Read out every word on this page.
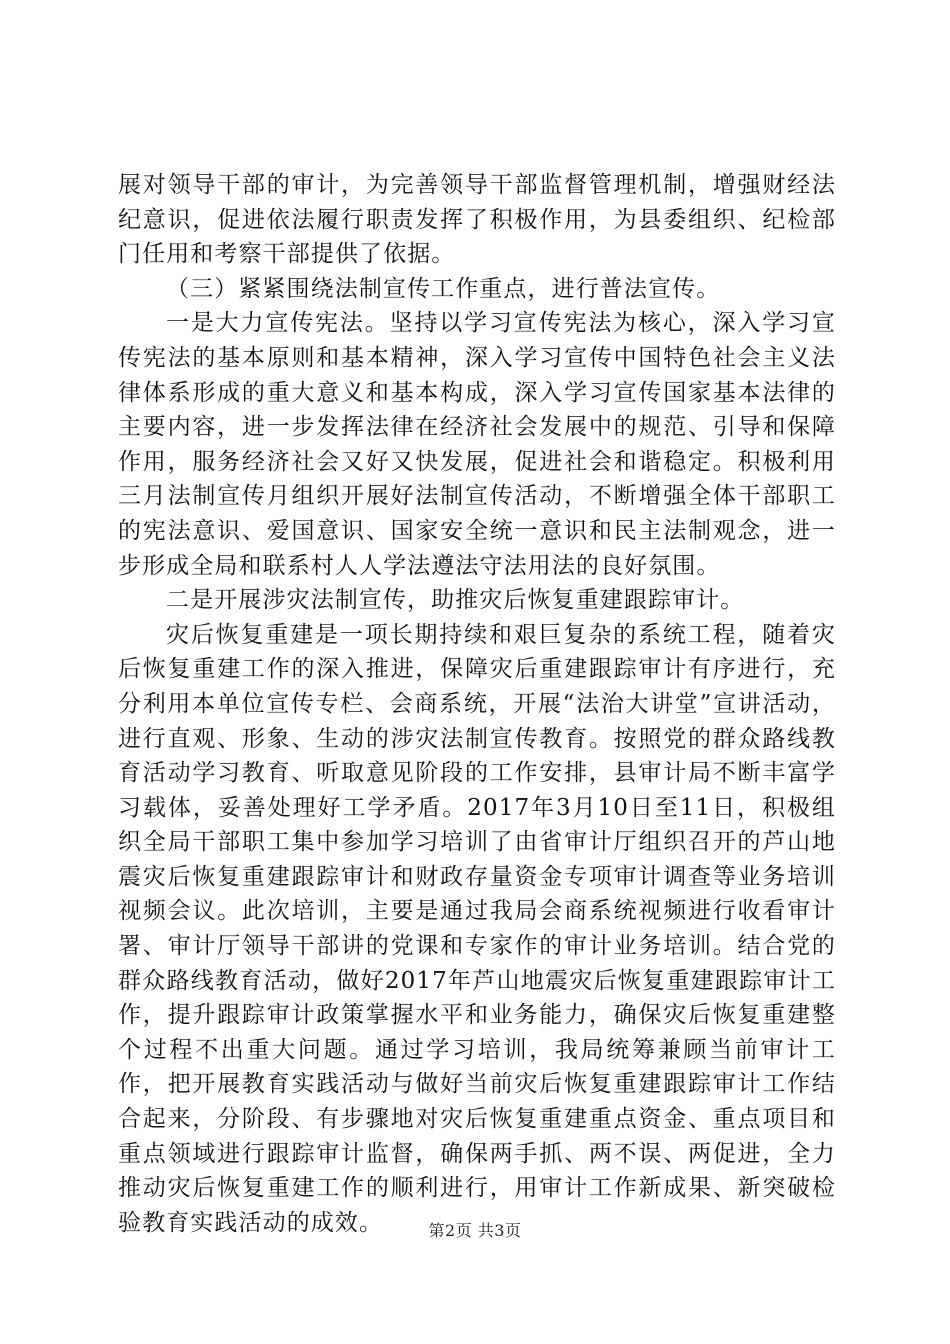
展对领导干部的审计，为完善领导干部监督管理机制，增强财经法纪意识，促进依法履行职责发挥了积极作用，为县委组织、纪检部门任用和考察干部提供了依据。

（三）紧紧围绕法制宣传工作重点，进行普法宣传。

一是大力宣传宪法。坚持以学习宣传宪法为核心，深入学习宣传宪法的基本原则和基本精神，深入学习宣传中国特色社会主义法律体系形成的重大意义和基本构成，深入学习宣传国家基本法律的主要内容，进一步发挥法律在经济社会发展中的规范、引导和保障作用，服务经济社会又好又快发展，促进社会和谐稳定。积极利用三月法制宣传月组织开展好法制宣传活动，不断增强全体干部职工的宪法意识、爱国意识、国家安全统一意识和民主法制观念，进一步形成全局和联系村人人学法遵法守法用法的良好氛围。

二是开展涉灾法制宣传，助推灾后恢复重建跟踪审计。

灾后恢复重建是一项长期持续和艰巨复杂的系统工程，随着灾后恢复重建工作的深入推进，保障灾后重建跟踪审计有序进行，充分利用本单位宣传专栏、会商系统，开展“法治大讲堂”宣讲活动，进行直观、形象、生动的涉灾法制宣传教育。按照党的群众路线教育活动学习教育、听取意见阶段的工作安排，县审计局不断丰富学习载体，妥善处理好工学矛盾。2017年3月10日至11日，积极组织全局干部职工集中参加学习培训了由省审计厅组织召开的芦山地震灾后恢复重建跟踪审计和财政存量资金专项审计调查等业务培训视频会议。此次培训，主要是通过我局会商系统视频进行收看审计署、审计厅领导干部讲的党课和专家作的审计业务培训。结合党的群众路线教育活动，做好2017年芦山地震灾后恢复重建跟踪审计工作，提升跟踪审计政策掌握水平和业务能力，确保灾后恢复重建整个过程不出重大问题。通过学习培训，我局统筹兼顾当前审计工作，把开展教育实践活动与做好当前灾后恢复重建跟踪审计工作结合起来，分阶段、有步骤地对灾后恢复重建重点资金、重点项目和重点领域进行跟踪审计监督，确保两手抓、两不误、两促进，全力推动灾后恢复重建工作的顺利进行，用审计工作新成果、新突破检验教育实践活动的成效。	第2页 共3页
